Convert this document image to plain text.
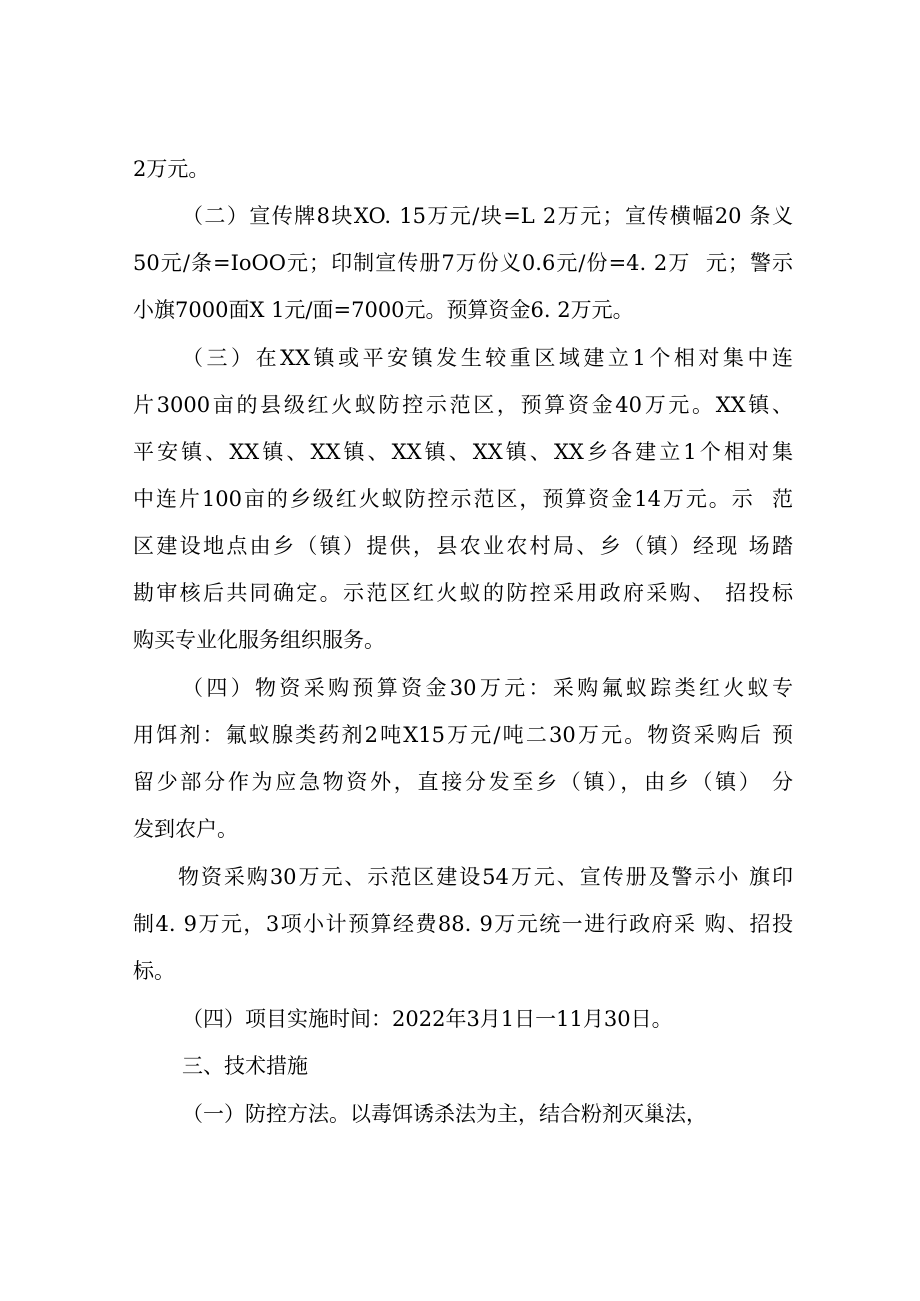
2万元。

（二）宣传牌8块XO. 15万元/块=L 2万元；宣传横幅20 条义

50元/条=IoOO元；印制宣传册7万份义0.6元/份=4. 2万  元；警示

小旗7000面X 1元/面=7000元。预算资金6. 2万元。

（三）在XX镇或平安镇发生较重区域建立1个相对集中连

片3000亩的县级红火蚁防控示范区，预算资金40万元。XX镇、

平安镇、XX镇、XX镇、XX镇、XX镇、XX乡各建立1个相对集

中连片100亩的乡级红火蚁防控示范区，预算资金14万元。示  范

区建设地点由乡（镇）提供，县农业农村局、乡（镇）经现 场踏

勘审核后共同确定。示范区红火蚁的防控采用政府采购、 招投标

购买专业化服务组织服务。

（四）物资采购预算资金30万元：采购氟蚁踪类红火蚁专

用饵剂：氟蚁腺类药剂2吨X15万元/吨二30万元。物资采购后 预

留少部分作为应急物资外，直接分发至乡（镇），由乡（镇） 分

发到农户。

物资采购30万元、示范区建设54万元、宣传册及警示小 旗印

制4. 9万元，3项小计预算经费88. 9万元统一进行政府采 购、招投

标。

（四）项目实施时间：2022年3月1日一11月30日。

三、技术措施

（一）防控方法。以毒饵诱杀法为主，结合粉剂灭巢法，
